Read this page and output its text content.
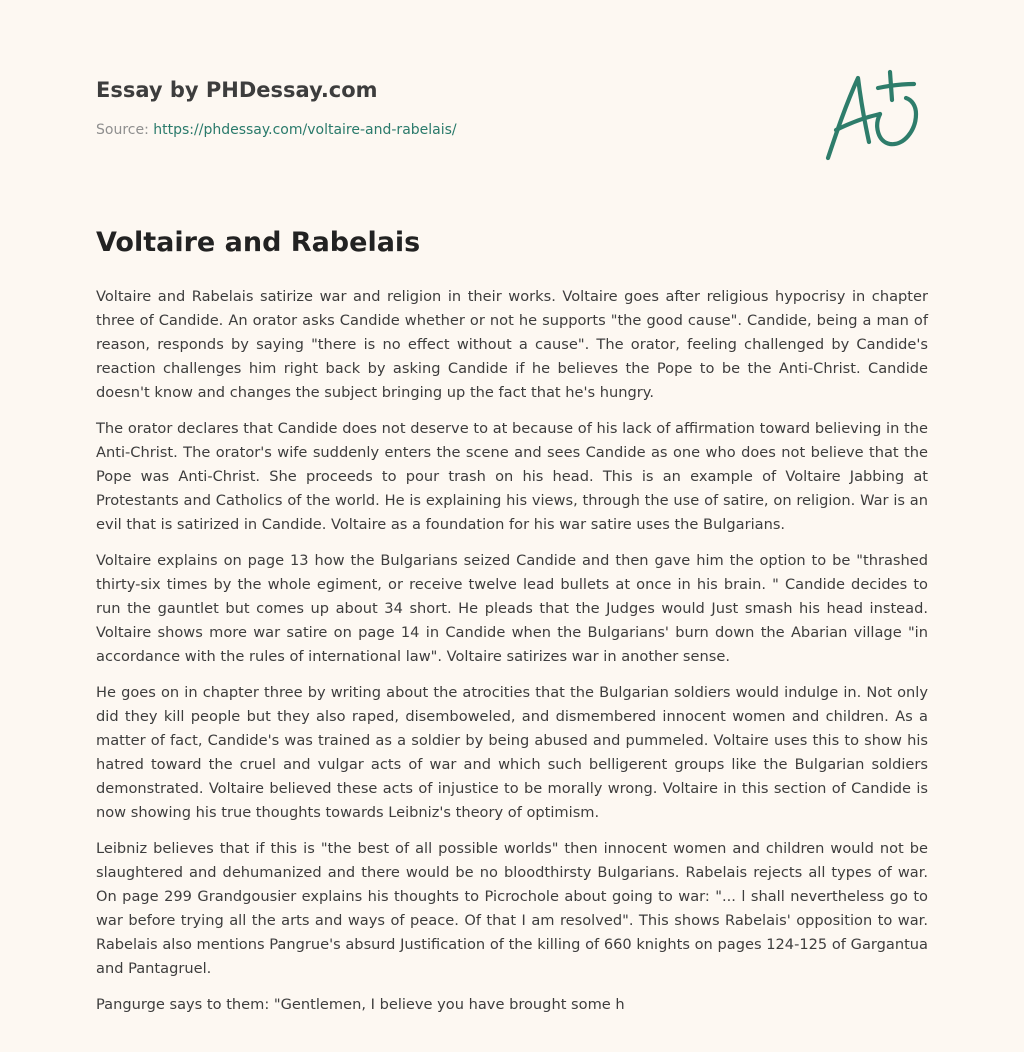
Essay by PHDessay.com
Source: https://phdessay.com/voltaire-and-rabelais/
Voltaire and Rabelais

Voltaire and Rabelais satirize war and religion in their works. Voltaire goes after religious hypocrisy in chapter three of Candide. An orator asks Candide whether or not he supports "the good cause". Candide, being a man of reason, responds by saying "there is no effect without a cause". The orator, feeling challenged by Candide's reaction challenges him right back by asking Candide if he believes the Pope to be the Anti-Christ. Candide doesn't know and changes the subject bringing up the fact that he's hungry.

The orator declares that Candide does not deserve to at because of his lack of affirmation toward believing in the Anti-Christ. The orator's wife suddenly enters the scene and sees Candide as one who does not believe that the Pope was Anti-Christ. She proceeds to pour trash on his head. This is an example of Voltaire Jabbing at Protestants and Catholics of the world. He is explaining his views, through the use of satire, on religion. War is an evil that is satirized in Candide. Voltaire as a foundation for his war satire uses the Bulgarians.

Voltaire explains on page 13 how the Bulgarians seized Candide and then gave him the option to be "thrashed thirty-six times by the whole egiment, or receive twelve lead bullets at once in his brain. " Candide decides to run the gauntlet but comes up about 34 short. He pleads that the Judges would Just smash his head instead. Voltaire shows more war satire on page 14 in Candide when the Bulgarians' burn down the Abarian village "in accordance with the rules of international law". Voltaire satirizes war in another sense.

He goes on in chapter three by writing about the atrocities that the Bulgarian soldiers would indulge in. Not only did they kill people but they also raped, disemboweled, and dismembered innocent women and children. As a matter of fact, Candide's was trained as a soldier by being abused and pummeled. Voltaire uses this to show his hatred toward the cruel and vulgar acts of war and which such belligerent groups like the Bulgarian soldiers demonstrated. Voltaire believed these acts of injustice to be morally wrong. Voltaire in this section of Candide is now showing his true thoughts towards Leibniz's theory of optimism.

Leibniz believes that if this is "the best of all possible worlds" then innocent women and children would not be slaughtered and dehumanized and there would be no bloodthirsty Bulgarians. Rabelais rejects all types of war. On page 299 Grandgousier explains his thoughts to Picrochole about going to war: "... l shall nevertheless go to war before trying all the arts and ways of peace. Of that I am resolved". This shows Rabelais' opposition to war. Rabelais also mentions Pangrue's absurd Justification of the killing of 660 knights on pages 124-125 of Gargantua and Pantagruel.

Pangurge says to them: "Gentlemen, I believe you have brought some h
